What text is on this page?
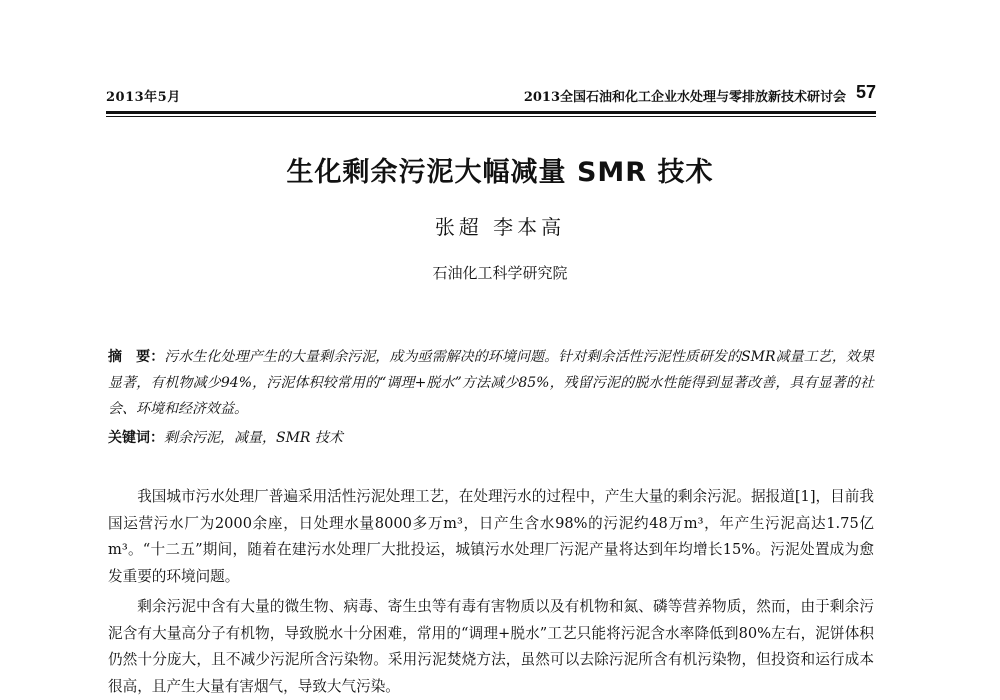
2013年5月	2013全国石油和化工企业水处理与零排放新技术研讨会 57
生化剩余污泥大幅减量 SMR 技术
张超 李本高
石油化工科学研究院
摘　要：污水生化处理产生的大量剩余污泥，成为亟需解决的环境问题。针对剩余活性污泥性质研发的SMR减量工艺，效果显著，有机物减少94%，污泥体积较常用的“调理+脱水”方法减少85%，残留污泥的脱水性能得到显著改善，具有显著的社会、环境和经济效益。
关键词：剩余污泥，减量，SMR 技术

我国城市污水处理厂普遍采用活性污泥处理工艺，在处理污水的过程中，产生大量的剩余污泥。据报道[1]，目前我国运营污水厂为2000余座，日处理水量8000多万m³，日产生含水98%的污泥约48万m³，年产生污泥高达1.75亿m³。“十二五”期间，随着在建污水处理厂大批投运，城镇污水处理厂污泥产量将达到年均增长15%。污泥处置成为愈发重要的环境问题。

剩余污泥中含有大量的微生物、病毒、寄生虫等有毒有害物质以及有机物和氮、磷等营养物质，然而，由于剩余污泥含有大量高分子有机物，导致脱水十分困难，常用的“调理+脱水”工艺只能将污泥含水率降低到80%左右，泥饼体积仍然十分庞大，且不减少污泥所含污染物。采用污泥焚烧方法，虽然可以去除污泥所含有机污染物，但投资和运行成本很高，且产生大量有害烟气，导致大气污染。
